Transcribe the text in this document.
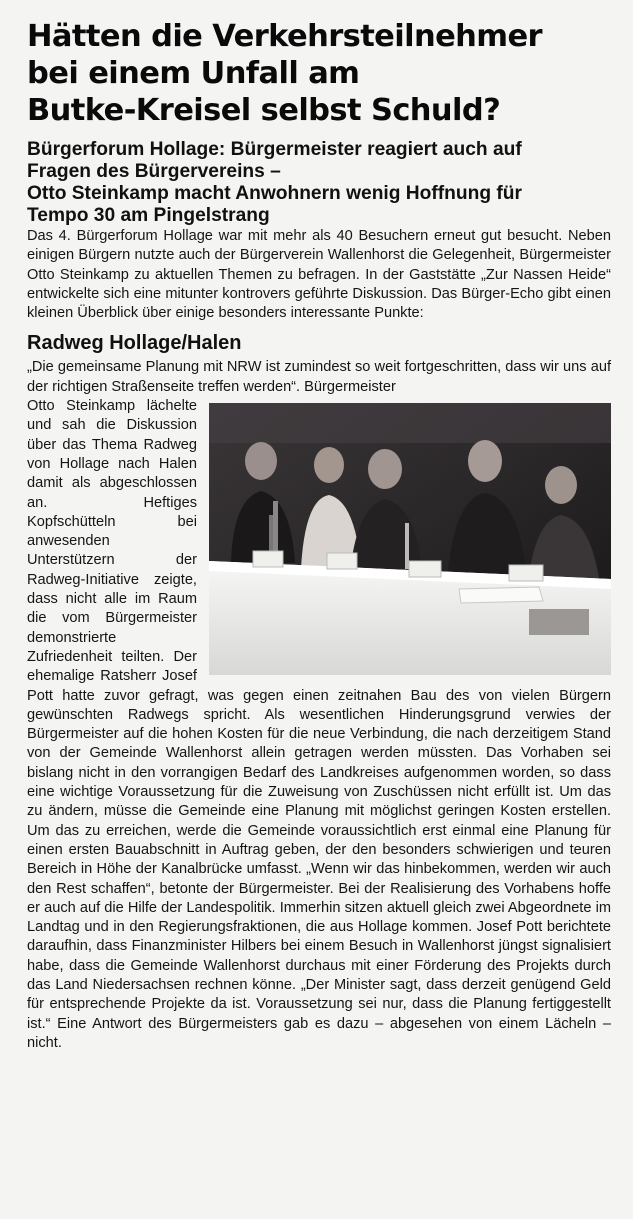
Hätten die Verkehrsteilnehmer
bei einem Unfall am
Butke-Kreisel selbst Schuld?
Bürgerforum Hollage: Bürgermeister reagiert auch auf
Fragen des Bürgervereins –
Otto Steinkamp macht Anwohnern wenig Hoffnung für
Tempo 30 am Pingelstrang

Das 4. Bürgerforum Hollage war mit mehr als 40 Besuchern erneut gut besucht. Neben einigen Bürgern nutzte auch der Bürgerverein Wallenhorst die Gelegenheit, Bürgermeister Otto Steinkamp zu aktuellen Themen zu befragen. In der Gaststätte „Zur Nassen Heide“ entwickelte sich eine mitunter kontrovers geführte Diskussion. Das Bürger-Echo gibt einen kleinen Überblick über einige besonders interessante Punkte:

Radweg Hollage/Halen

„Die gemeinsame Planung mit NRW ist zumindest so weit fortgeschritten, dass wir uns auf der richtigen Straßenseite treffen werden“. Bürgermeister

Otto Steinkamp lächelte und sah die Diskussion über das Thema Radweg von Hollage nach Halen damit als abgeschlossen an. Heftiges Kopfschütteln bei anwesenden Unterstützern der Radweg-Initiative zeigte, dass nicht alle im Raum die vom Bürgermeister demonstrierte Zufriedenheit teilten.

Der ehemalige Ratsherr Josef Pott hatte zuvor gefragt, was gegen einen zeitnahen Bau des von vielen Bürgern gewünschten Radwegs spricht. Als wesentlichen Hinderungsgrund verwies der Bürgermeister auf die hohen Kosten für die neue Verbindung, die nach derzeitigem Stand von der Gemeinde Wallenhorst allein getragen werden müssten. Das Vorhaben sei bislang nicht in den vorrangigen Bedarf des Landkreises aufgenommen worden, so dass eine wichtige Voraussetzung für die Zuweisung von Zuschüssen nicht erfüllt ist. Um das zu ändern, müsse die Gemeinde eine Planung mit möglichst geringen Kosten erstellen. Um das zu erreichen, werde die Gemeinde voraussichtlich erst einmal eine Planung für einen ersten Bauabschnitt in Auftrag geben, der den besonders schwierigen und teuren Bereich in Höhe der Kanalbrücke umfasst. „Wenn wir das hinbekommen, werden wir auch den Rest schaffen“, betonte der Bürgermeister. Bei der Realisierung des Vorhabens hoffe er auch auf die Hilfe der Landespolitik. Immerhin sitzen aktuell gleich zwei Abgeordnete im Landtag und in den Regierungsfraktionen, die aus Hollage kommen. Josef Pott berichtete daraufhin, dass Finanzminister Hilbers bei einem Besuch in Wallenhorst jüngst signalisiert habe, dass die Gemeinde Wallenhorst durchaus mit einer Förderung des Projekts durch das Land Niedersachsen rechnen könne. „Der Minister sagt, dass derzeit genügend Geld für entsprechende Projekte da ist. Voraussetzung sei nur, dass die Planung fertiggestellt ist.“ Eine Antwort des Bürgermeisters gab es dazu – abgesehen von einem Lächeln – nicht.
